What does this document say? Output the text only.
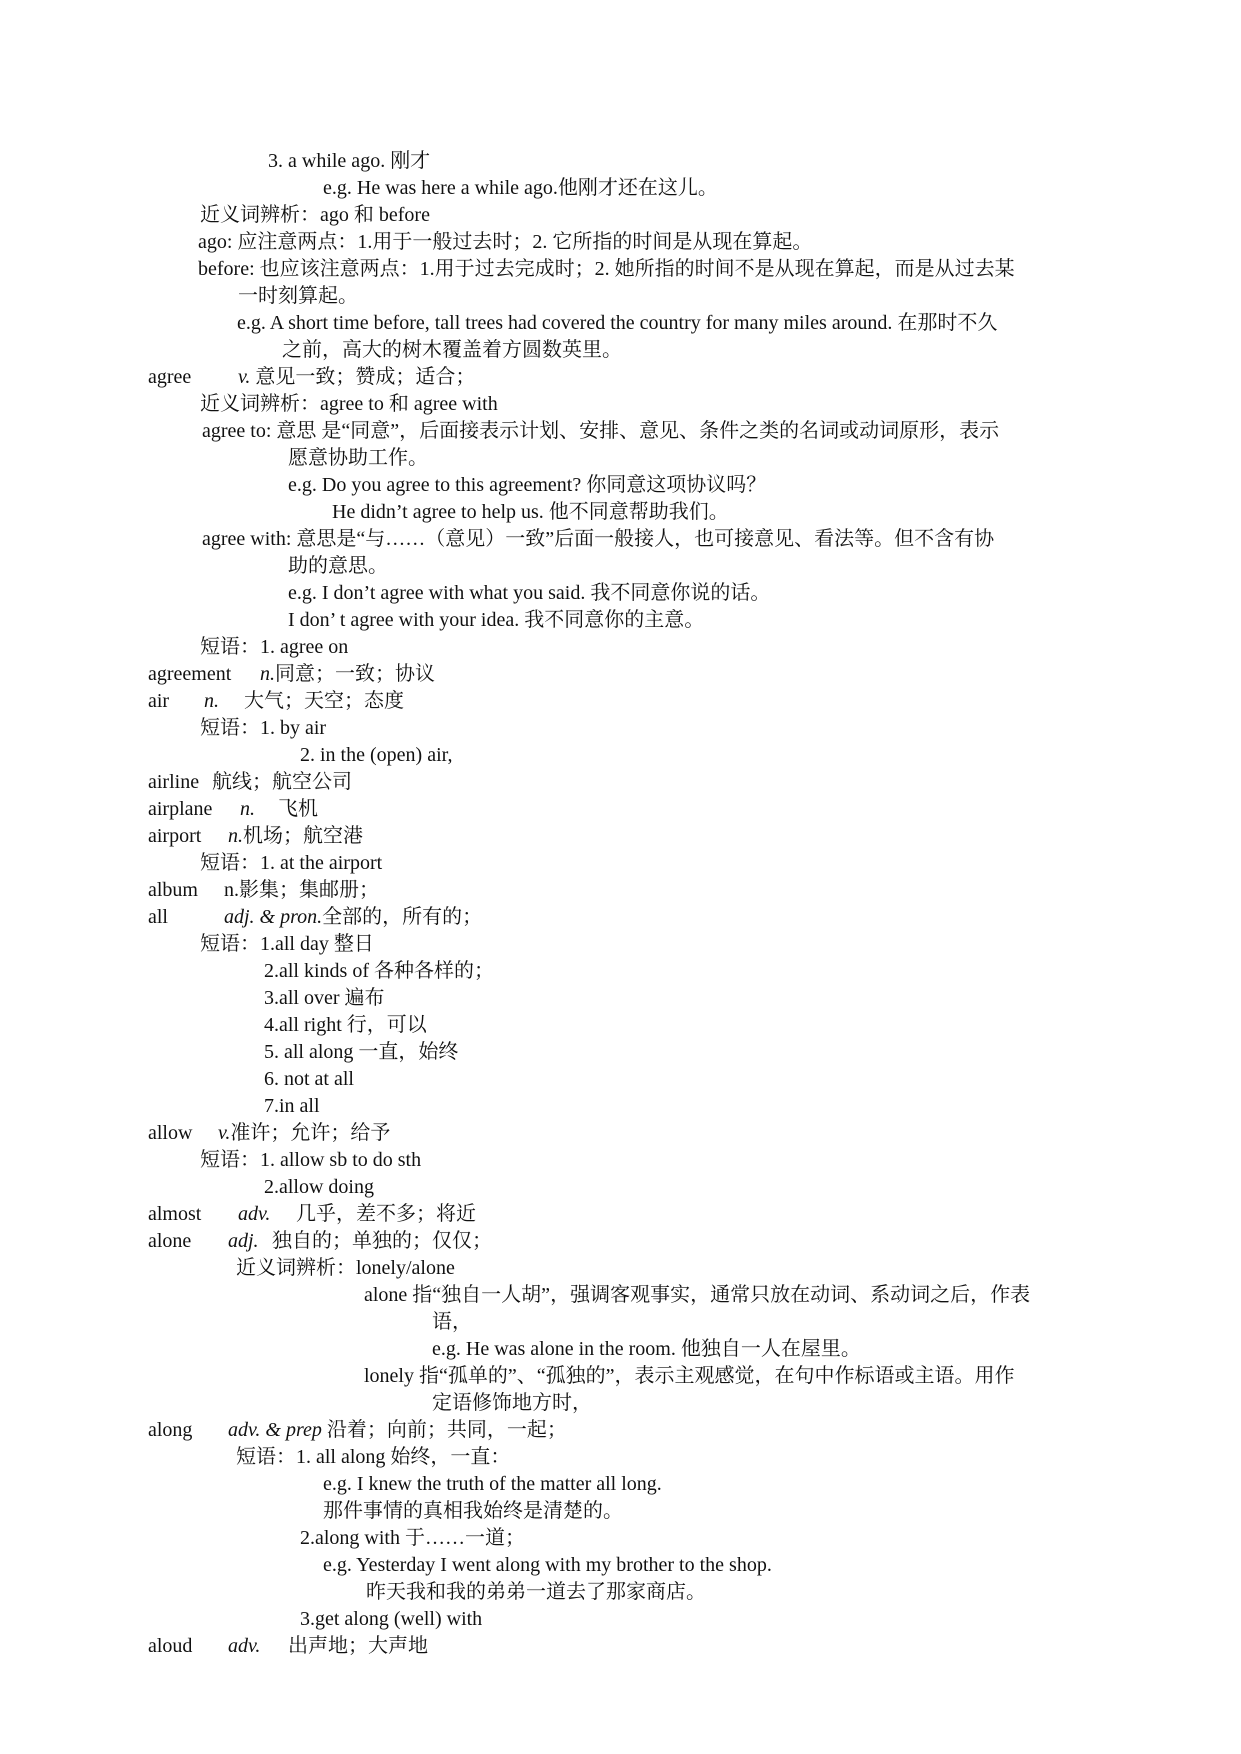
3. a while ago. 刚才
e.g. He was here a while ago.他刚才还在这儿。
近义词辨析：ago 和 before
ago: 应注意两点：1.用于一般过去时；2. 它所指的时间是从现在算起。
before: 也应该注意两点：1.用于过去完成时；2. 她所指的时间不是从现在算起，而是从过去某
一时刻算起。
e.g. A short time before, tall trees had covered the country for many miles around. 在那时不久
之前，高大的树木覆盖着方圆数英里。
agree v. 意见一致；赞成；适合；
近义词辨析：agree to 和 agree with
agree to: 意思 是“同意”，后面接表示计划、安排、意见、条件之类的名词或动词原形，表示
愿意协助工作。
e.g. Do you agree to this agreement? 你同意这项协议吗？
He didn’t agree to help us. 他不同意帮助我们。
agree with: 意思是“与……（意见）一致”后面一般接人，也可接意见、看法等。但不含有协
助的意思。
e.g. I don’t agree with what you said. 我不同意你说的话。
I don’ t agree with your idea. 我不同意你的主意。
短语：1. agree on
agreement n.同意；一致；协议
air n. 大气；天空；态度
短语：1. by air
2. in the (open) air,
airline 航线；航空公司
airplane n. 飞机
airport n.机场；航空港
短语：1. at the airport
album n.影集；集邮册；
all	adj. & pron.全部的，所有的；
短语：1.all day 整日
2.all kinds of 各种各样的；
3.all over 遍布
4.all right 行，可以
5. all along 一直，始终
6. not at all
7.in all
allow v.准许；允许；给予
短语：1. allow sb to do sth
2.allow doing
almost adv. 几乎，差不多；将近
alone adj. 独自的；单独的；仅仅；
近义词辨析：lonely/alone
alone 指“独自一人胡”，强调客观事实，通常只放在动词、系动词之后，作表
语，
e.g. He was alone in the room. 他独自一人在屋里。
lonely 指“孤单的”、“孤独的”，表示主观感觉，在句中作标语或主语。用作
定语修饰地方时，
along adv. & prep 沿着；向前；共同，一起；
短语：1. all along 始终，一直：
e.g. I knew the truth of the matter all long.
那件事情的真相我始终是清楚的。
2.along with 于……一道；
e.g. Yesterday I went along with my brother to the shop.
昨天我和我的弟弟一道去了那家商店。
3.get along (well) with
aloud adv. 出声地；大声地
